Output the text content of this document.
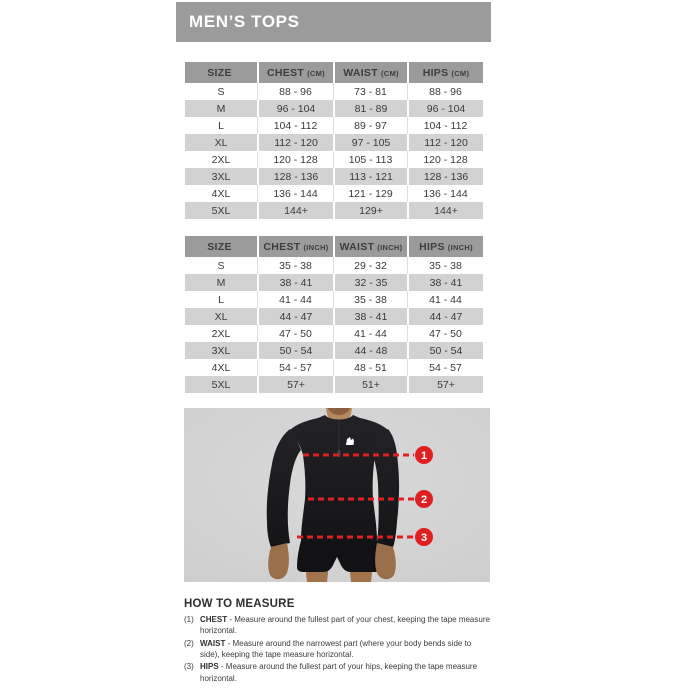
MEN’S TOPS
SIZE	CHEST (CM)	WAIST (CM)	HIPS (CM)
S	88 - 96	73 - 81	88 - 96
M	96 - 104	81 - 89	96 - 104
L	104 - 112	89 - 97	104 - 112
XL	112 - 120	97 - 105	112 - 120
2XL	120 - 128	105 - 113	120 - 128
3XL	128 - 136	113 - 121	128 - 136
4XL	136 - 144	121 - 129	136 - 144
5XL	144+	129+	144+
SIZE	CHEST (INCH)	WAIST (INCH)	HIPS (INCH)
S	35 - 38	29 - 32	35 - 38
M	38 - 41	32 - 35	38 - 41
L	41 - 44	35 - 38	41 - 44
XL	44 - 47	38 - 41	44 - 47
2XL	47 - 50	41 - 44	47 - 50
3XL	50 - 54	44 - 48	50 - 54
4XL	54 - 57	48 - 51	54 - 57
5XL	57+	51+	57+
1
2
3
HOW TO MEASURE
(1) CHEST - Measure around the fullest part of your chest, keeping the tape measure horizontal.

(2) WAIST - Measure around the narrowest part (where your body bends side to side), keeping the tape measure horizontal.

(3) HIPS - Measure around the fullest part of your hips, keeping the tape measure horizontal.
